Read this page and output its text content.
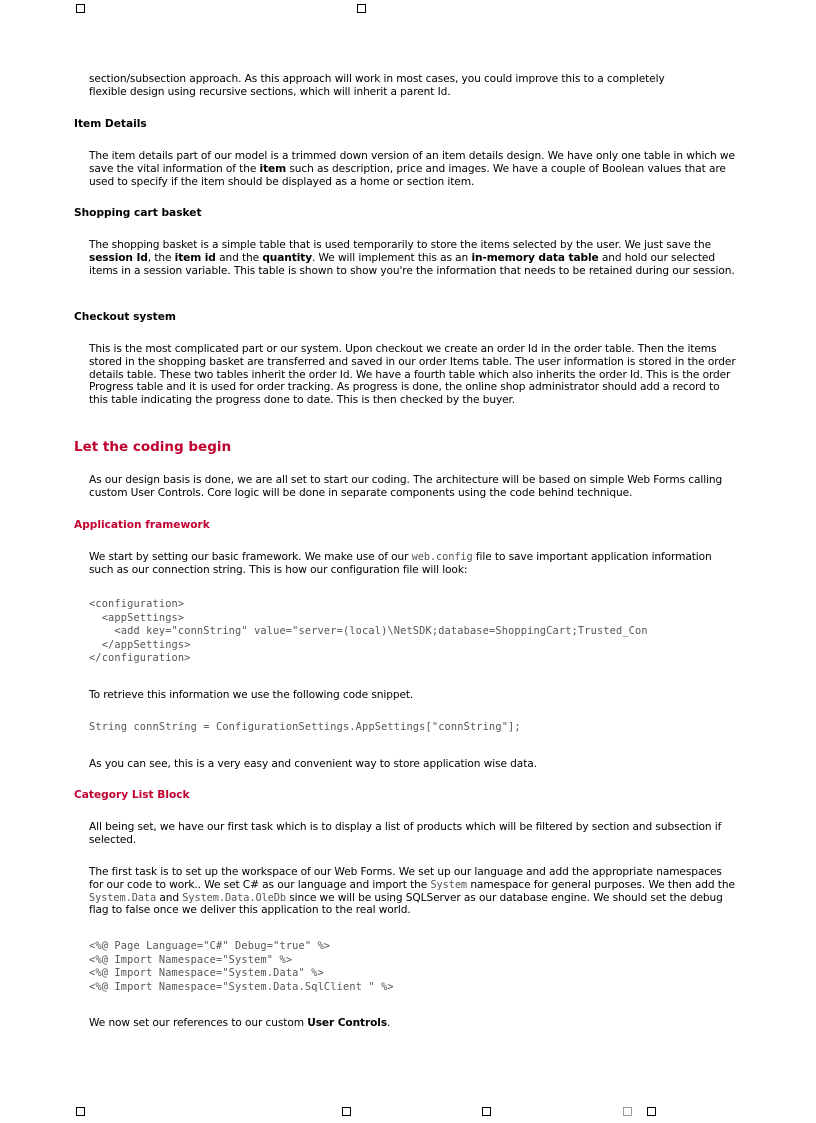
section/subsection approach. As this approach will work in most cases, you could improve this to a completely
flexible design using recursive sections, which will inherit a parent Id.

Item Details

The item details part of our model is a trimmed down version of an item details design. We have only one table in which we save the vital information of the item such as description, price and images. We have a couple of Boolean values that are used to specify if the item should be displayed as a home or section item.

Shopping cart basket

The shopping basket is a simple table that is used temporarily to store the items selected by the user. We just save the session Id, the item id and the quantity. We will implement this as an in-memory data table and hold our selected items in a session variable. This table is shown to show you're the information that needs to be retained during our session.

Checkout system

This is the most complicated part or our system. Upon checkout we create an order Id in the order table. Then the items stored in the shopping basket are transferred and saved in our order Items table. The user information is stored in the order details table. These two tables inherit the order Id. We have a fourth table which also inherits the order Id. This is the order Progress table and it is used for order tracking. As progress is done, the online shop administrator should add a record to this table indicating the progress done to date. This is then checked by the buyer.

Let the coding begin

As our design basis is done, we are all set to start our coding. The architecture will be based on simple Web Forms calling custom User Controls. Core logic will be done in separate components using the code behind technique.

Application framework

We start by setting our basic framework. We make use of our web.config file to save important application information such as our connection string. This is how our configuration file will look:

<configuration>
<appSettings>
<add key="connString" value="server=(local)\NetSDK;database=ShoppingCart;Trusted_Con
</appSettings>
</configuration>

To retrieve this information we use the following code snippet.

String connString = ConfigurationSettings.AppSettings["connString"];

As you can see, this is a very easy and convenient way to store application wise data.

Category List Block

All being set, we have our first task which is to display a list of products which will be filtered by section and subsection if selected.

The first task is to set up the workspace of our Web Forms. We set up our language and add the appropriate namespaces for our code to work.. We set C# as our language and import the System namespace for general purposes. We then add the System.Data and System.Data.OleDb since we will be using SQLServer as our database engine. We should set the debug flag to false once we deliver this application to the real world.

<%@ Page Language="C#" Debug="true" %>
<%@ Import Namespace="System" %>
<%@ Import Namespace="System.Data" %>
<%@ Import Namespace="System.Data.SqlClient " %>

We now set our references to our custom User Controls.
